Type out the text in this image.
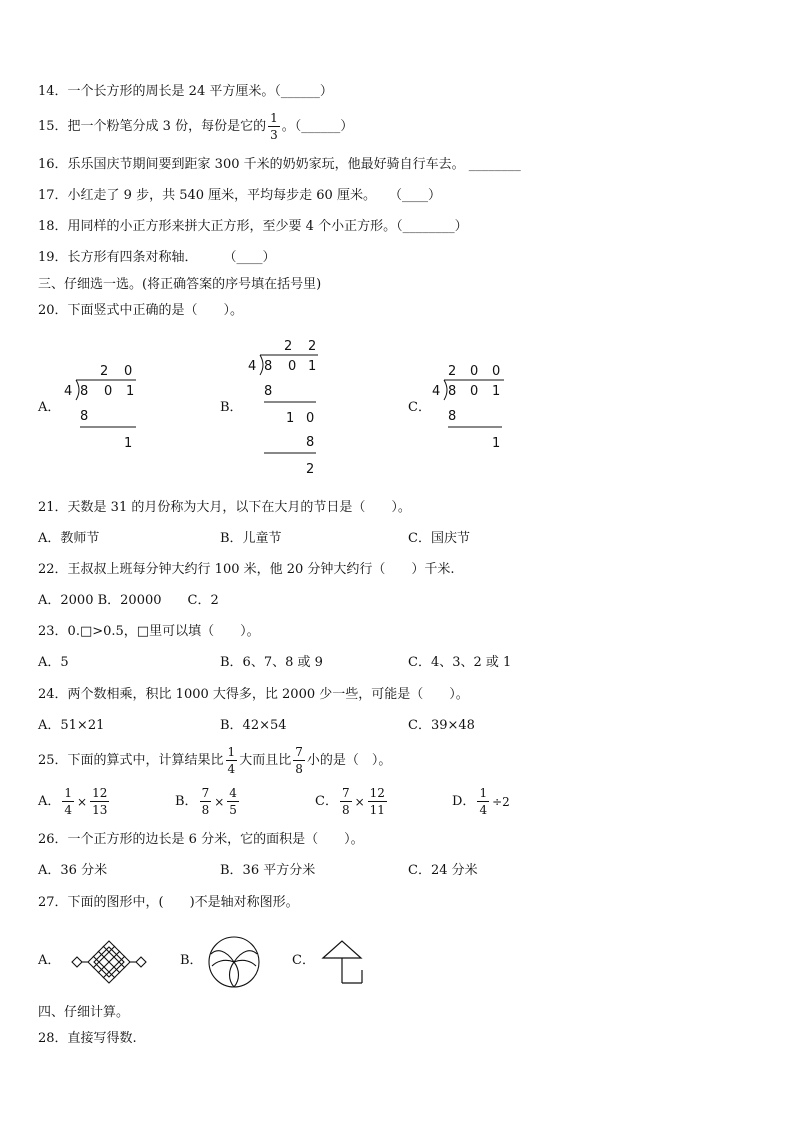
14．一个长方形的周长是 24 平方厘米。（______）
15．把一个粉笔分成 3 份，每份是它的 $\frac{1}{3}$ 。（______）
16．乐乐国庆节期间要到距家 300 千米的奶奶家玩，他最好骑自行车去。 ________
17．小红走了 9 步，共 540 厘米，平均每步走 60 厘米。　　（____）
18．用同样的小正方形来拼大正方形，至少要 4 个小正方形。（________）
19．长方形有四条对称轴．　　　（____）
三、仔细选一选。(将正确答案的序号填在括号里)
20．下面竖式中正确的是（　　）。
A．
2 0
4 8 0 1
8
1
B．
2 2
4 8 0 1
8
1 0
8
2
C．
2 0 0
4 8 0 1
8
1
21．天数是 31 的月份称为大月，以下在大月的节日是（　　）。
A．教师节	B．儿童节	C．国庆节
22．王叔叔上班每分钟大约行 100 米，他 20 分钟大约行（　　）千米.
A．2000 B．20000　　C．2
23．0.□>0.5，□里可以填（　　）。
A．5	B．6、7、8 或 9	C．4、3、2 或 1
24．两个数相乘，积比 1000 大得多，比 2000 少一些，可能是（　　）。
A．51×21	B．42×54	C．39×48
25．下面的算式中，计算结果比 $\frac{1}{4}$ 大而且比 $\frac{7}{8}$ 小的是（　）。
A． $\frac{1}{4} \times \frac{12}{13}$	B． $\frac{7}{8} \times \frac{4}{5}$	C． $\frac{7}{8} \times \frac{12}{11}$	D． $\frac{1}{4} \div 2$
26．一个正方形的边长是 6 分米，它的面积是（　　）。
A．36 分米	B．36 平方分米	C．24 分米
27．下面的图形中，(　　)不是轴对称图形。
A．	B．	C．
四、仔细计算。
28．直接写得数.
